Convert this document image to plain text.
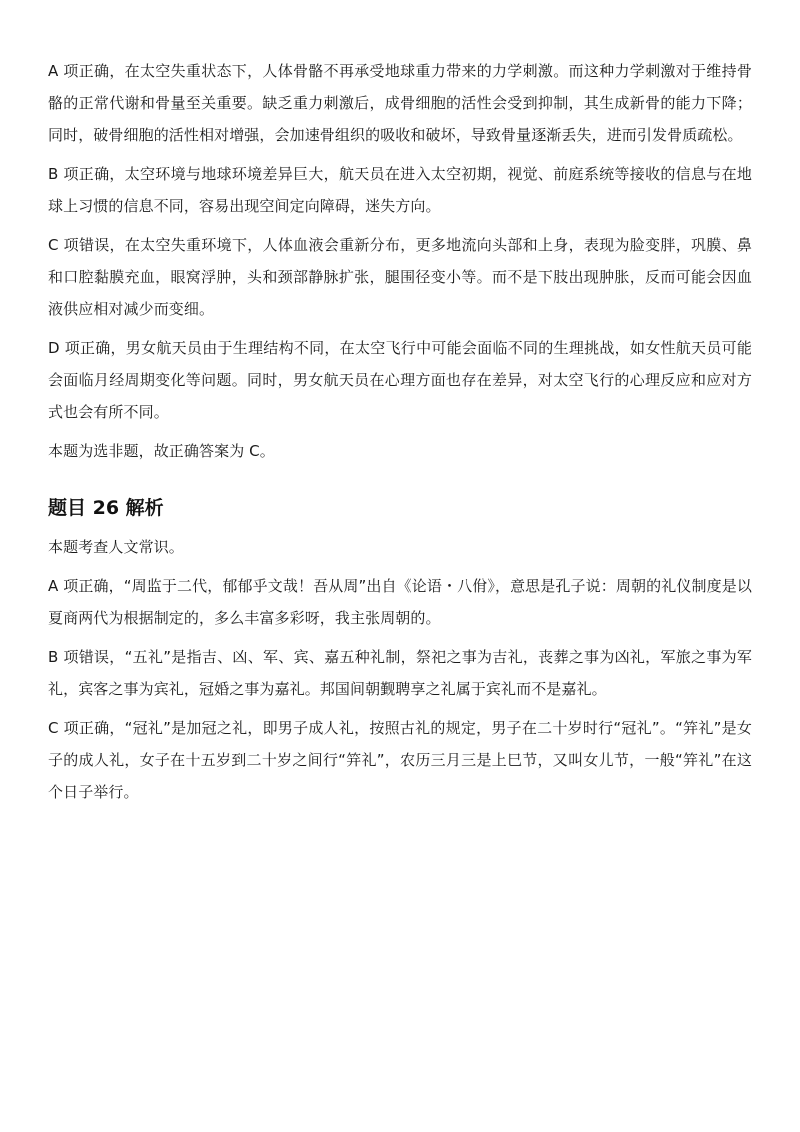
A 项正确，在太空失重状态下，人体骨骼不再承受地球重力带来的力学刺激。而这种力学刺激对于维持骨骼的正常代谢和骨量至关重要。缺乏重力刺激后，成骨细胞的活性会受到抑制，其生成新骨的能力下降；同时，破骨细胞的活性相对增强，会加速骨组织的吸收和破坏，导致骨量逐渐丢失，进而引发骨质疏松。

B 项正确，太空环境与地球环境差异巨大，航天员在进入太空初期，视觉、前庭系统等接收的信息与在地球上习惯的信息不同，容易出现空间定向障碍，迷失方向。

C 项错误，在太空失重环境下，人体血液会重新分布，更多地流向头部和上身，表现为脸变胖，巩膜、鼻和口腔黏膜充血，眼窝浮肿，头和颈部静脉扩张，腿围径变小等。而不是下肢出现肿胀，反而可能会因血液供应相对减少而变细。

D 项正确，男女航天员由于生理结构不同，在太空飞行中可能会面临不同的生理挑战，如女性航天员可能会面临月经周期变化等问题。同时，男女航天员在心理方面也存在差异，对太空飞行的心理反应和应对方式也会有所不同。

本题为选非题，故正确答案为 C。

题目 26 解析

本题考查人文常识。

A 项正确，“周监于二代，郁郁乎文哉！吾从周”出自《论语・八佾》，意思是孔子说：周朝的礼仪制度是以夏商两代为根据制定的，多么丰富多彩呀，我主张周朝的。

B 项错误，“五礼”是指吉、凶、军、宾、嘉五种礼制，祭祀之事为吉礼，丧葬之事为凶礼，军旅之事为军礼，宾客之事为宾礼，冠婚之事为嘉礼。邦国间朝觐聘享之礼属于宾礼而不是嘉礼。

C 项正确，“冠礼”是加冠之礼，即男子成人礼，按照古礼的规定，男子在二十岁时行“冠礼”。“笄礼”是女子的成人礼，女子在十五岁到二十岁之间行“笄礼”，农历三月三是上巳节，又叫女儿节，一般“笄礼”在这个日子举行。
